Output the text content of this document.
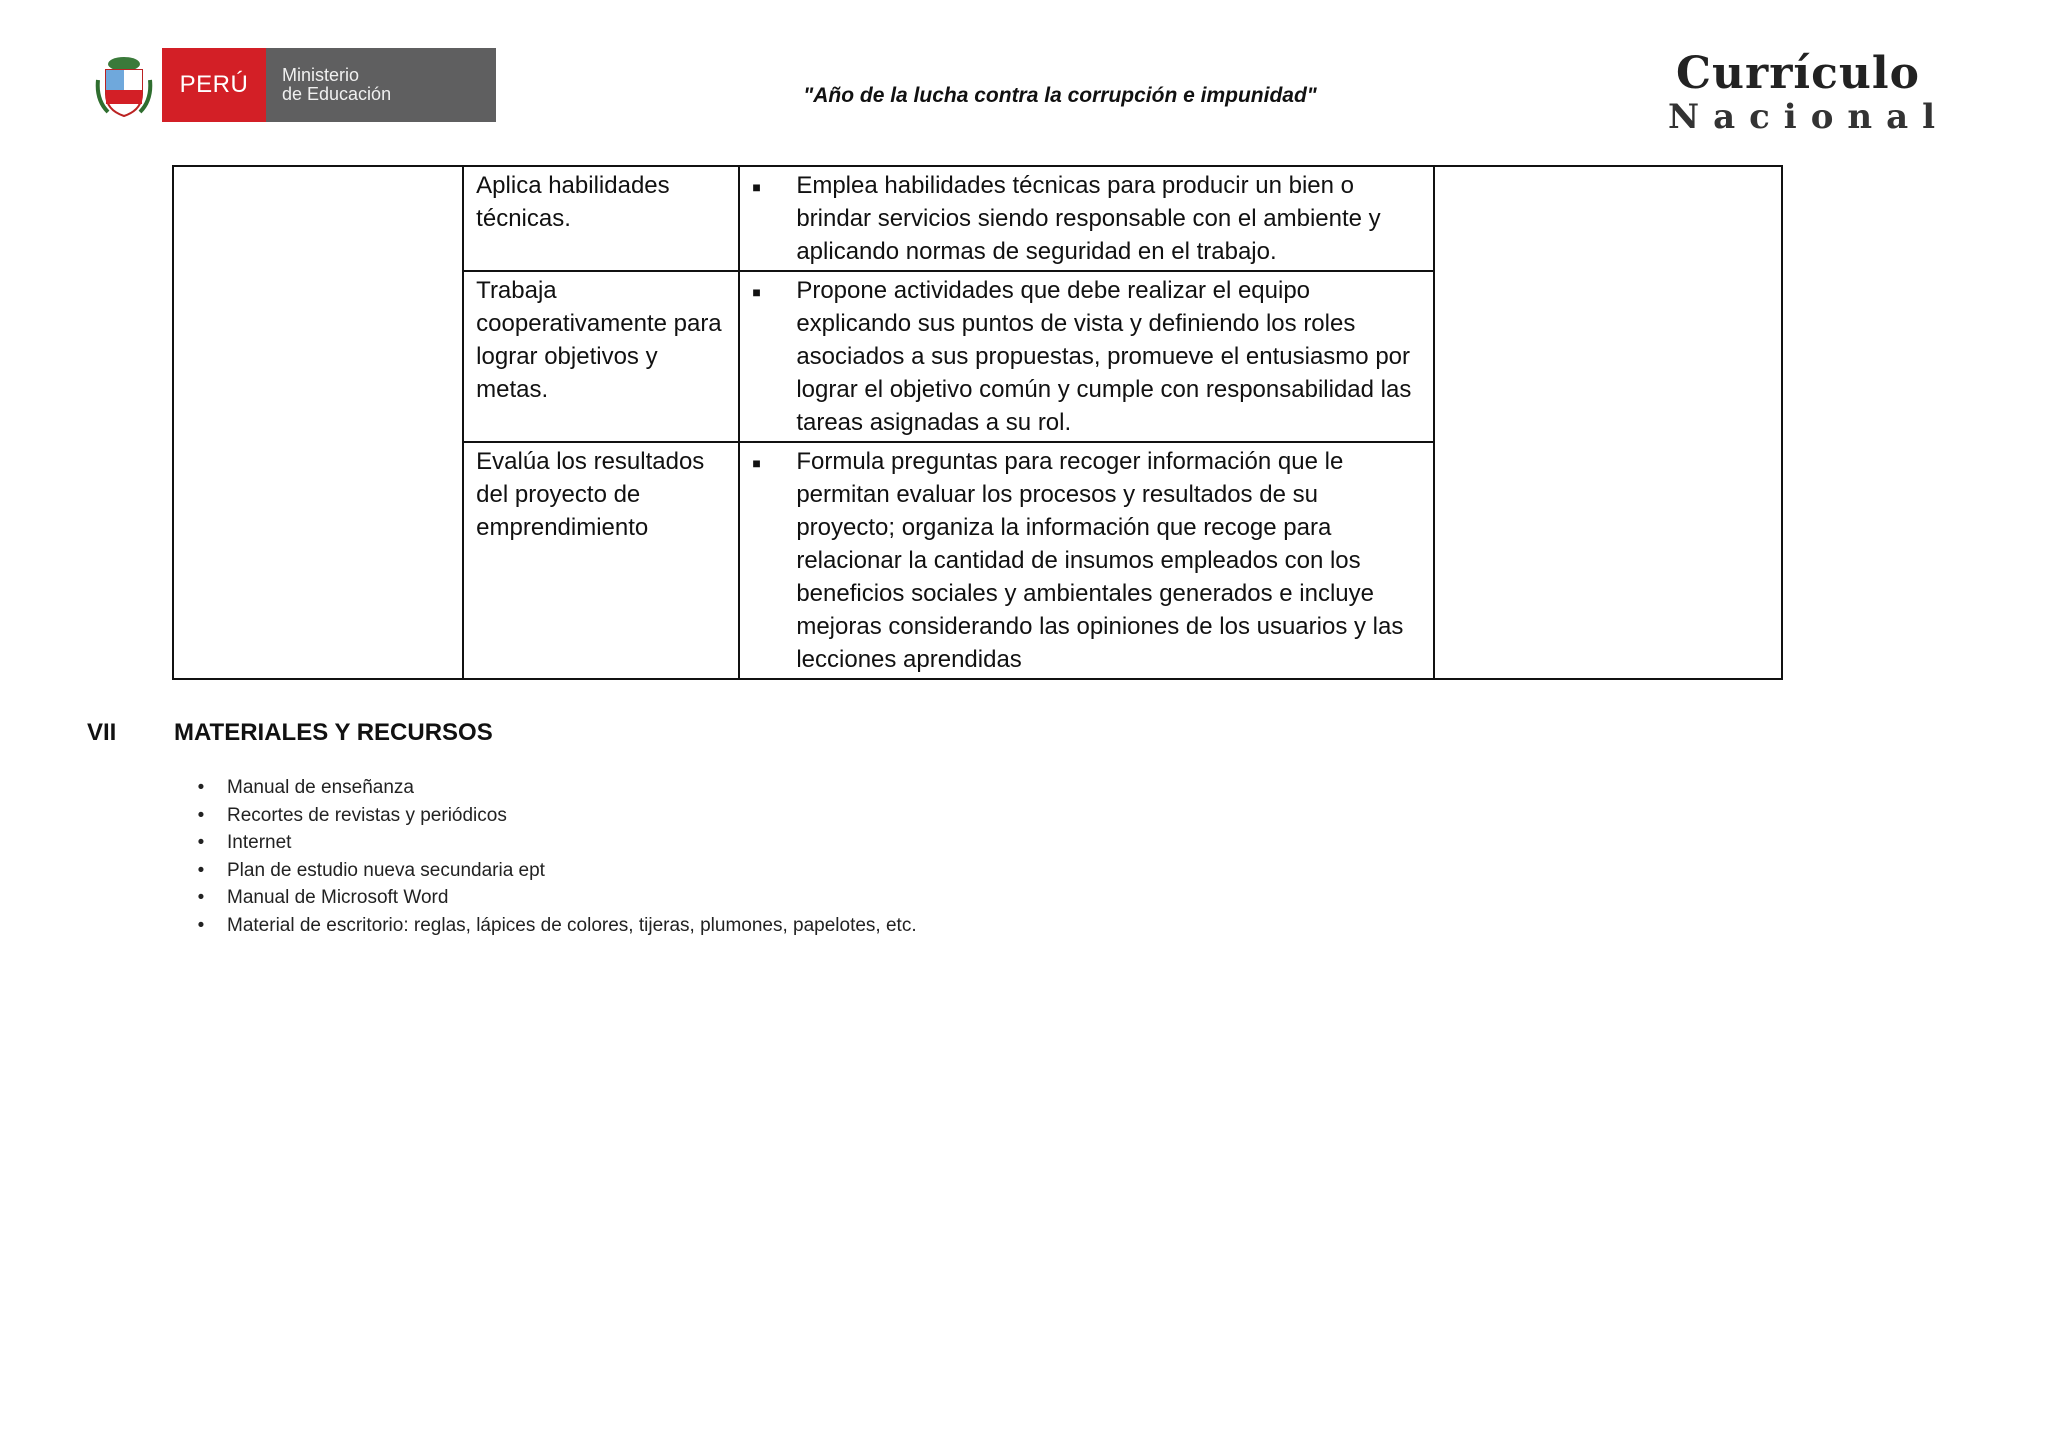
PERÚ	Ministerio
de Educación	"Año de la lucha contra la corrupción e impunidad"	Currículo
Nacional
	Aplica habilidades técnicas.	■ Emplea habilidades técnicas para producir un bien o brindar servicios siendo responsable con el ambiente y aplicando normas de seguridad en el trabajo.	

	Trabaja cooperativamente para lograr objetivos y metas.	■ Propone actividades que debe realizar el equipo explicando sus puntos de vista y definiendo los roles asociados a sus propuestas, promueve el entusiasmo por lograr el objetivo común y cumple con responsabilidad las tareas asignadas a su rol.	

	Evalúa los resultados del proyecto de emprendimiento	■ Formula preguntas para recoger información que le permitan evaluar los procesos y resultados de su proyecto; organiza la información que recoge para relacionar la cantidad de insumos empleados con los beneficios sociales y ambientales generados e incluye mejoras considerando las opiniones de los usuarios y las lecciones aprendidas	
VII MATERIALES Y RECURSOS
•	Manual de enseñanza
•	Recortes de revistas y periódicos
•	Internet
•	Plan de estudio nueva secundaria ept
•	Manual de Microsoft Word
•	Material de escritorio: reglas, lápices de colores, tijeras, plumones, papelotes, etc.
